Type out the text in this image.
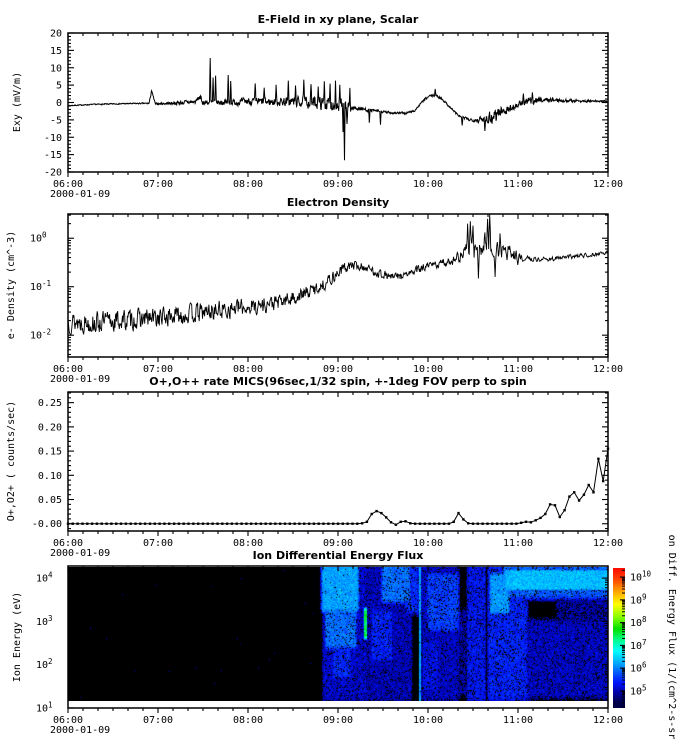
06:00	07:00	08:00	09:00	10:00	11:00	12:00
-20
-15
-10
-5
0
5
10
15
20
06:00	07:00	08:00	09:00	10:00	11:00	12:00
$10^0$
$10^{-1}$
$10^{-2}$
06:00	07:00	08:00	09:00	10:00	11:00	12:00
0.25
0.20
0.15
0.10
0.05
-0.00
06:00	07:00	08:00	09:00	10:00	11:00	12:00
$10^4$
$10^3$
$10^2$
$10^1$
$10^{10}$
$10^9$
$10^8$
$10^7$
$10^6$
$10^5$
E-Field in xy plane, Scalar
Electron Density
O+,O++ rate MICS(96sec,1/32 spin, +-1deg FOV perp to spin
Ion Differential Energy Flux
Exy (mV/m)
e- Density (cm^-3)
O+,O2+ ( counts/sec)
Ion Energy (eV)
2000-01-09
2000-01-09
2000-01-09
2000-01-09	on Diff. Energy Flux (1/(cm^2-s-sr
